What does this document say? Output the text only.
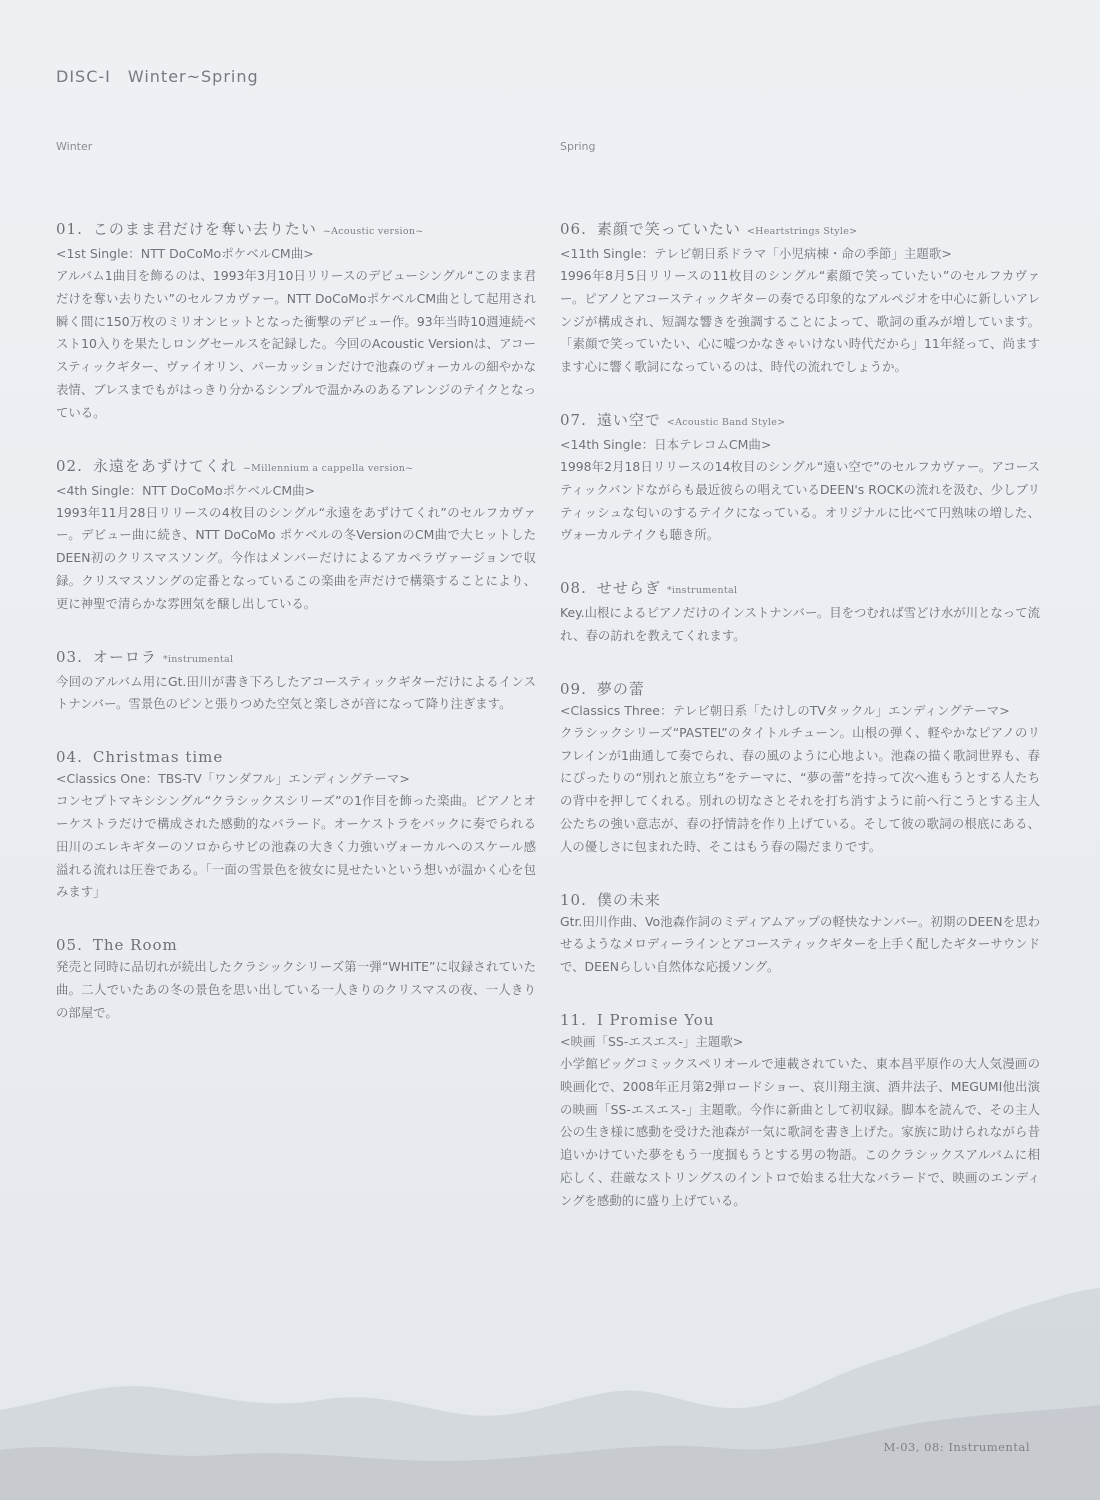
DISC-I　Winter~Spring
Winter	Spring
01. このまま君だけを奪い去りたい ~Acoustic version~
<1st Single：NTT DoCoMoポケベルCM曲>
アルバム1曲目を飾るのは、1993年3月10日リリースのデビューシングル“このまま君だけを奪い去りたい”のセルフカヴァー。NTT DoCoMoポケベルCM曲として起用され瞬く間に150万枚のミリオンヒットとなった衝撃のデビュー作。93年当時10週連続ベスト10入りを果たしロングセールスを記録した。今回のAcoustic Versionは、アコースティックギター、ヴァイオリン、パーカッションだけで池森のヴォーカルの細やかな表情、ブレスまでもがはっきり分かるシンプルで温かみのあるアレンジのテイクとなっている。
02. 永遠をあずけてくれ ~Millennium a cappella version~
<4th Single：NTT DoCoMoポケベルCM曲>
1993年11月28日リリースの4枚目のシングル“永遠をあずけてくれ”のセルフカヴァー。デビュー曲に続き、NTT DoCoMo ポケベルの冬VersionのCM曲で大ヒットしたDEEN初のクリスマスソング。今作はメンバーだけによるアカペラヴァージョンで収録。クリスマスソングの定番となっているこの楽曲を声だけで構築することにより、更に神聖で清らかな雰囲気を醸し出している。
03. オーロラ *instrumental
今回のアルバム用にGt.田川が書き下ろしたアコースティックギターだけによるインストナンバー。雪景色のピンと張りつめた空気と楽しさが音になって降り注ぎます。
04. Christmas time
<Classics One：TBS-TV「ワンダフル」エンディングテーマ>
コンセプトマキシシングル“クラシックスシリーズ”の1作目を飾った楽曲。ピアノとオーケストラだけで構成された感動的なバラード。オーケストラをバックに奏でられる田川のエレキギターのソロからサビの池森の大きく力強いヴォーカルへのスケール感溢れる流れは圧巻である。「一面の雪景色を彼女に見せたいという想いが温かく心を包みます」
05. The Room
発売と同時に品切れが続出したクラシックシリーズ第一弾“WHITE”に収録されていた曲。二人でいたあの冬の景色を思い出している一人きりのクリスマスの夜、一人きりの部屋で。
06. 素顔で笑っていたい <Heartstrings Style>
<11th Single：テレビ朝日系ドラマ「小児病棟・命の季節」主題歌>
1996年8月5日リリースの11枚目のシングル“素顔で笑っていたい”のセルフカヴァー。ピアノとアコースティックギターの奏でる印象的なアルペジオを中心に新しいアレンジが構成され、短調な響きを強調することによって、歌詞の重みが増しています。「素顔で笑っていたい、心に嘘つかなきゃいけない時代だから」11年経って、尚ますます心に響く歌詞になっているのは、時代の流れでしょうか。
07. 遠い空で <Acoustic Band Style>
<14th Single：日本テレコムCM曲>
1998年2月18日リリースの14枚目のシングル“遠い空で”のセルフカヴァー。アコースティックバンドながらも最近彼らの唱えているDEEN's ROCKの流れを汲む、少しブリティッシュな匂いのするテイクになっている。オリジナルに比べて円熟味の増した、ヴォーカルテイクも聴き所。
08. せせらぎ *instrumental
Key.山根によるピアノだけのインストナンバー。目をつむれば雪どけ水が川となって流れ、春の訪れを教えてくれます。
09. 夢の蕾
<Classics Three：テレビ朝日系「たけしのTVタックル」エンディングテーマ>
クラシックシリーズ“PASTEL”のタイトルチューン。山根の弾く、軽やかなピアノのリフレインが1曲通して奏でられ、春の風のように心地よい。池森の描く歌詞世界も、春にぴったりの“別れと旅立ち”をテーマに、“夢の蕾”を持って次へ進もうとする人たちの背中を押してくれる。別れの切なさとそれを打ち消すように前へ行こうとする主人公たちの強い意志が、春の抒情詩を作り上げている。そして彼の歌詞の根底にある、人の優しさに包まれた時、そこはもう春の陽だまりです。
10. 僕の未来
Gtr.田川作曲、Vo池森作詞のミディアムアップの軽快なナンバー。初期のDEENを思わせるようなメロディーラインとアコースティックギターを上手く配したギターサウンドで、DEENらしい自然体な応援ソング。
11. I Promise You
<映画「SS-エスエス-」主題歌>
小学館ビッグコミックスペリオールで連載されていた、東本昌平原作の大人気漫画の映画化で、2008年正月第2弾ロードショー、哀川翔主演、酒井法子、MEGUMI他出演の映画「SS-エスエス-」主題歌。今作に新曲として初収録。脚本を読んで、その主人公の生き様に感動を受けた池森が一気に歌詞を書き上げた。家族に助けられながら昔追いかけていた夢をもう一度掴もうとする男の物語。このクラシックスアルバムに相応しく、荘厳なストリングスのイントロで始まる壮大なバラードで、映画のエンディングを感動的に盛り上げている。
M-03, 08: Instrumental
